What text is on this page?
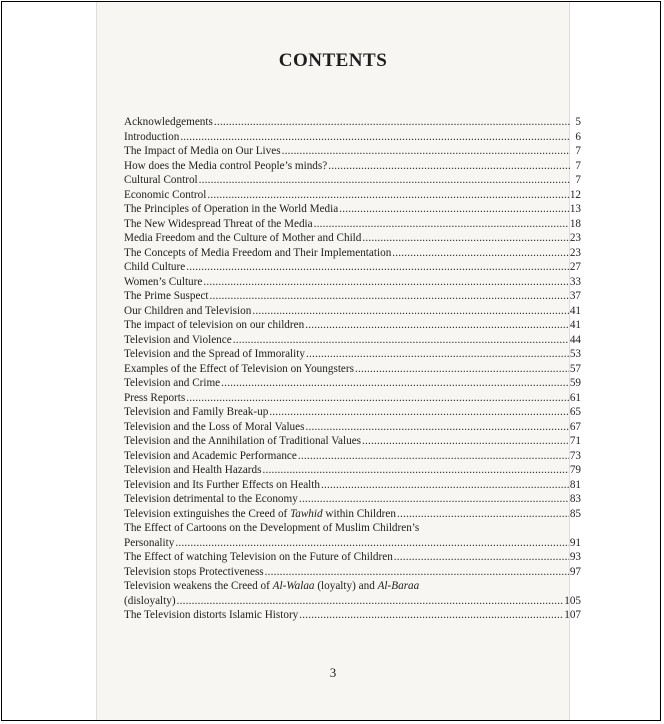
CONTENTS
Acknowledgements .....	5
Introduction .....	6
The Impact of Media on Our Lives .....	7
How does the Media control People’s minds? .....	7
Cultural Control .....	7
Economic Control .....	12
The Principles of Operation in the World Media .....	13
The New Widespread Threat of the Media .....	18
Media Freedom and the Culture of Mother and Child .....	23
The Concepts of Media Freedom and Their Implementation .....	23
Child Culture .....	27
Women’s Culture .....	33
The Prime Suspect .....	37
Our Children and Television .....	41
The impact of television on our children .....	41
Television and Violence .....	44
Television and the Spread of Immorality .....	53
Examples of the Effect of Television on Youngsters .....	57
Television and Crime .....	59
Press Reports .....	61
Television and Family Break-up .....	65
Television and the Loss of Moral Values .....	67
Television and the Annihilation of Traditional Values .....	71
Television and Academic Performance .....	73
Television and Health Hazards .....	79
Television and Its Further Effects on Health .....	81
Television detrimental to the Economy .....	83
Television extinguishes the Creed of Tawhid within Children .....	85
The Effect of Cartoons on the Development of Muslim Children’s
Personality .....	91
The Effect of watching Television on the Future of Children .....	93
Television stops Protectiveness .....	97
Television weakens the Creed of Al-Walaa (loyalty) and Al-Baraa
(disloyalty) .....	105
The Television distorts Islamic History .....	107
3
